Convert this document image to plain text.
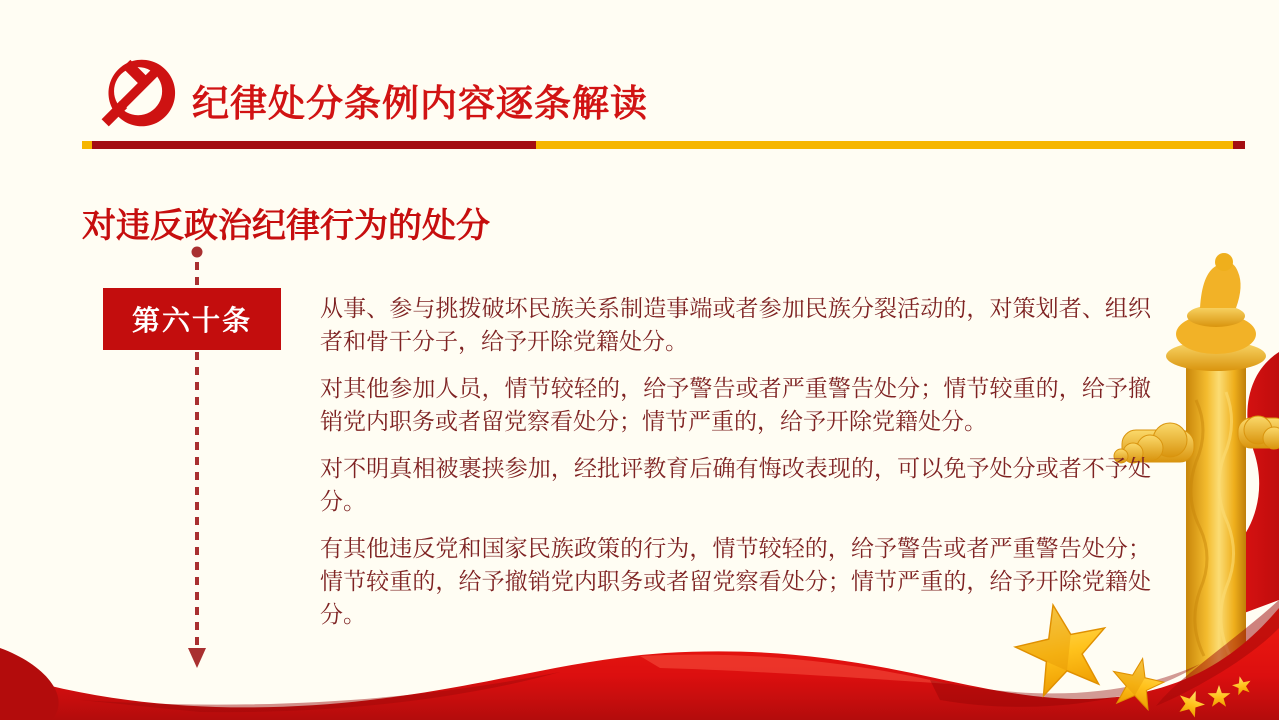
纪律处分条例内容逐条解读
对违反政治纪律行为的处分
第六十条	从事、参与挑拨破坏民族关系制造事端或者参加民族分裂活动的，对策划者、组织者和骨干分子，给予开除党籍处分。

对其他参加人员，情节较轻的，给予警告或者严重警告处分；情节较重的，给予撤销党内职务或者留党察看处分；情节严重的，给予开除党籍处分。

对不明真相被裹挟参加，经批评教育后确有悔改表现的，可以免予处分或者不予处分。

有其他违反党和国家民族政策的行为，情节较轻的，给予警告或者严重警告处分；情节较重的，给予撤销党内职务或者留党察看处分；情节严重的，给予开除党籍处分。
